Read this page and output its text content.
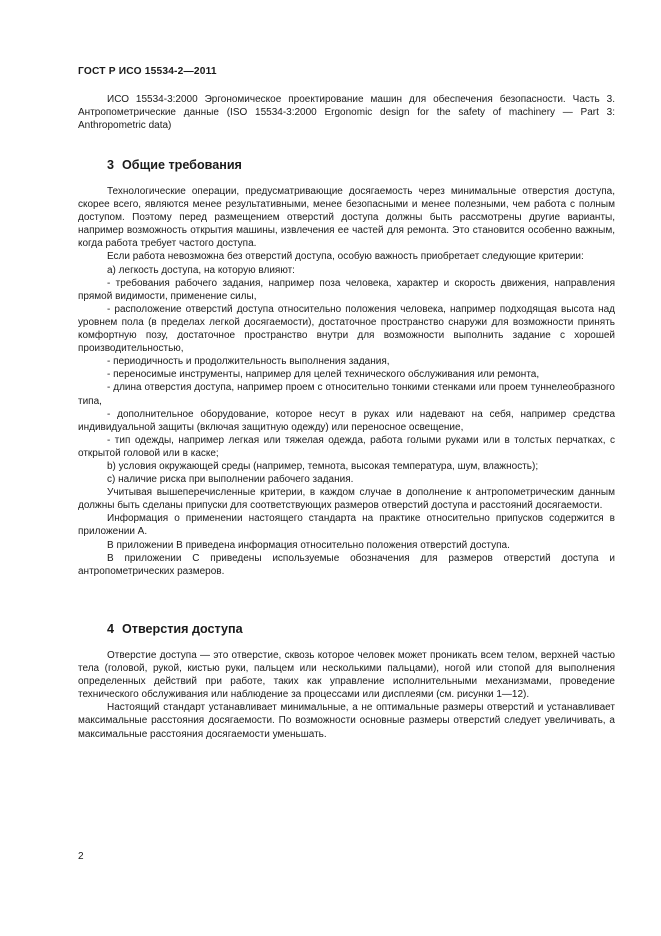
ГОСТ Р ИСО 15534-2—2011

ИСО 15534-3:2000 Эргономическое проектирование машин для обеспечения безопасности. Часть 3. Антропометрические данные (ISO 15534-3:2000 Ergonomic design for the safety of machinery — Part 3: Anthropometric data)

3 Общие требования

Технологические операции, предусматривающие досягаемость через минимальные отверстия доступа, скорее всего, являются менее результативными, менее безопасными и менее полезными, чем работа с полным доступом. Поэтому перед размещением отверстий доступа должны быть рассмотрены другие варианты, например возможность открытия машины, извлечения ее частей для ремонта. Это становится особенно важным, когда работа требует частого доступа.

Если работа невозможна без отверстий доступа, особую важность приобретает следующие критерии:

а) легкость доступа, на которую влияют:

- требования рабочего задания, например поза человека, характер и скорость движения, направления прямой видимости, применение силы,

- расположение отверстий доступа относительно положения человека, например подходящая высота над уровнем пола (в пределах легкой досягаемости), достаточное пространство снаружи для возможности принять комфортную позу, достаточное пространство внутри для возможности выполнить задание с хорошей производительностью,

- периодичность и продолжительность выполнения задания,

- переносимые инструменты, например для целей технического обслуживания или ремонта,

- длина отверстия доступа, например проем с относительно тонкими стенками или проем туннелеобразного типа,

- дополнительное оборудование, которое несут в руках или надевают на себя, например средства индивидуальной защиты (включая защитную одежду) или переносное освещение,

- тип одежды, например легкая или тяжелая одежда, работа голыми руками или в толстых перчатках, с открытой головой или в каске;

b) условия окружающей среды (например, темнота, высокая температура, шум, влажность);

c) наличие риска при выполнении рабочего задания.

Учитывая вышеперечисленные критерии, в каждом случае в дополнение к антропометрическим данным должны быть сделаны припуски для соответствующих размеров отверстий доступа и расстояний досягаемости.

Информация о применении настоящего стандарта на практике относительно припусков содержится в приложении А.

В приложении В приведена информация относительно положения отверстий доступа.

В приложении С приведены используемые обозначения для размеров отверстий доступа и антропометрических размеров.

4 Отверстия доступа

Отверстие доступа — это отверстие, сквозь которое человек может проникать всем телом, верхней частью тела (головой, рукой, кистью руки, пальцем или несколькими пальцами), ногой или стопой для выполнения определенных действий при работе, таких как управление исполнительными механизмами, проведение технического обслуживания или наблюдение за процессами или дисплеями (см. рисунки 1—12).

Настоящий стандарт устанавливает минимальные, а не оптимальные размеры отверстий и устанавливает максимальные расстояния досягаемости. По возможности основные размеры отверстий следует увеличивать, а максимальные расстояния досягаемости уменьшать.

2
